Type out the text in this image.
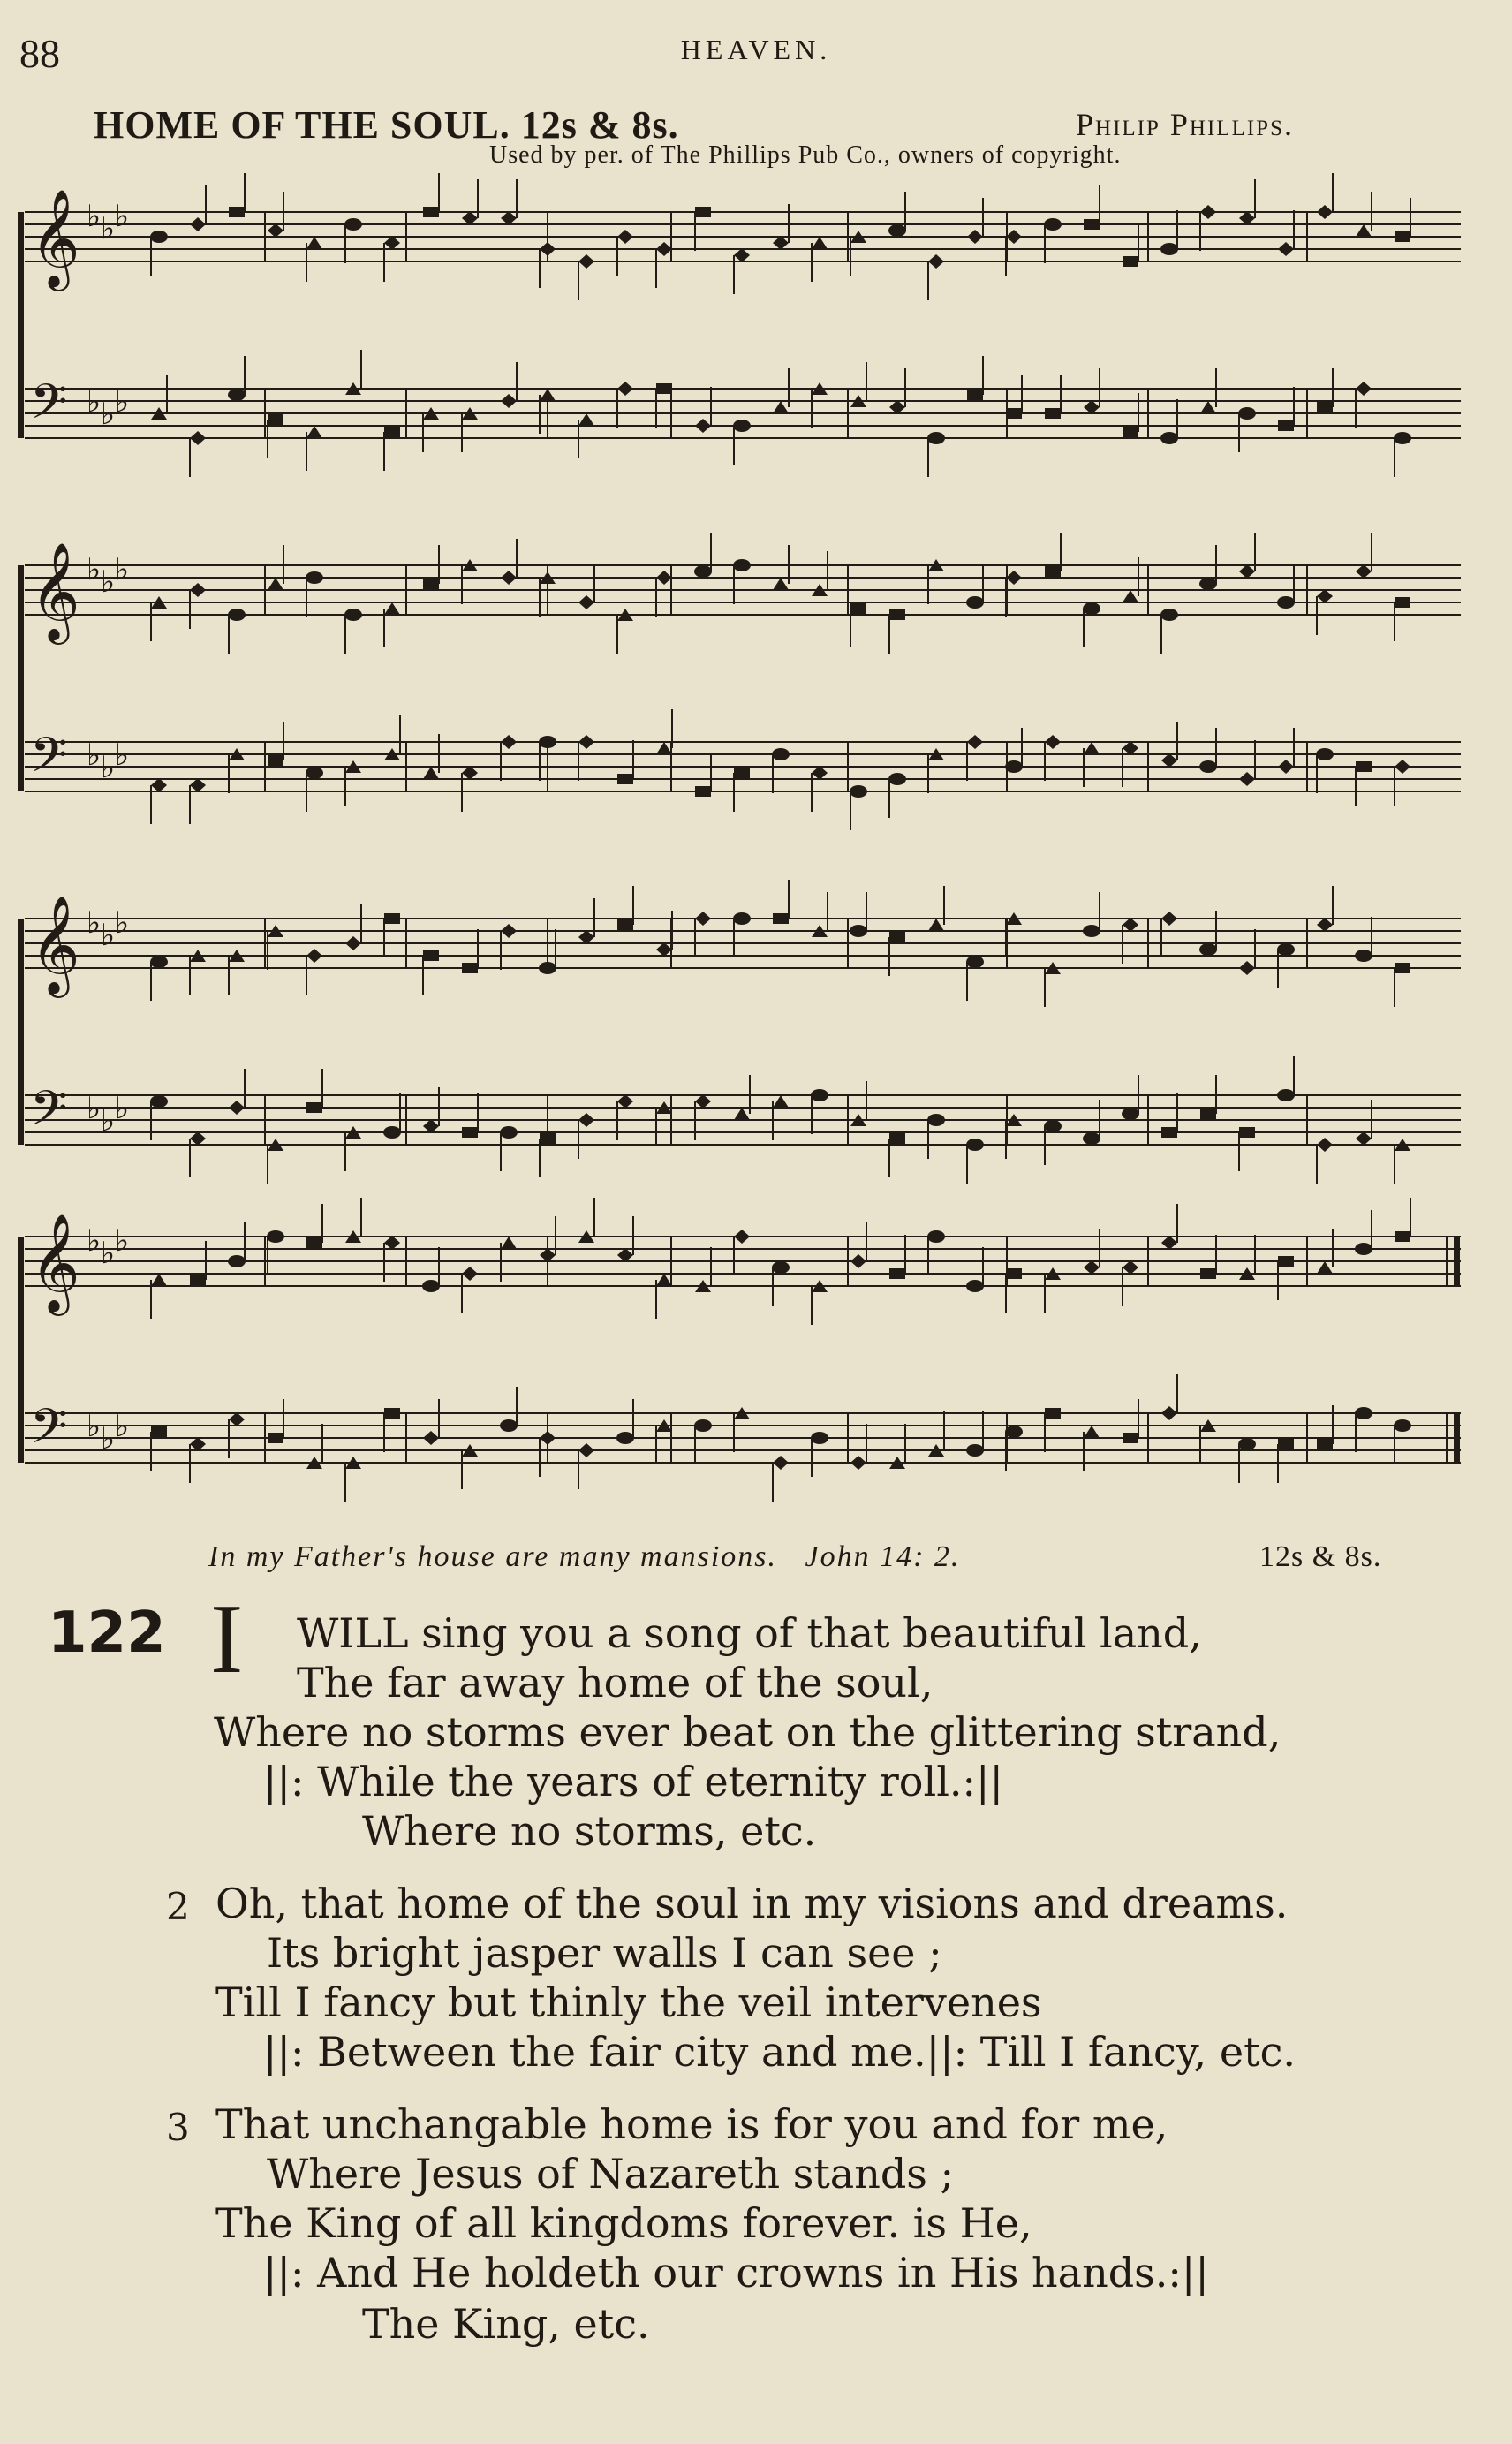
88	HEAVEN.
HOME OF THE SOUL. 12s & 8s.	Philip Phillips.
Used by per. of The Phillips Pub Co., owners of copyright.
𝄞 ♭ ♭ ♭
𝄢 ♭ ♭ ♭
𝄞 ♭ ♭ ♭
𝄢 ♭ ♭ ♭
𝄞 ♭ ♭ ♭
𝄢 ♭ ♭ ♭
𝄞 ♭ ♭ ♭
𝄢 ♭ ♭ ♭
In my Father's house are many mansions.   John 14: 2.	12s & 8s.
122 I WILL sing you a song of that beautiful land,
The far away home of the soul,
Where no storms ever beat on the glittering strand,
||: While the years of eternity roll.:||
Where no storms, etc.
2 Oh, that home of the soul in my visions and dreams.
Its bright jasper walls I can see ;
Till I fancy but thinly the veil intervenes
||: Between the fair city and me.||: Till I fancy, etc.
3 That unchangable home is for you and for me,
Where Jesus of Nazareth stands ;
The King of all kingdoms forever. is He,
||: And He holdeth our crowns in His hands.:||
The King, etc.
